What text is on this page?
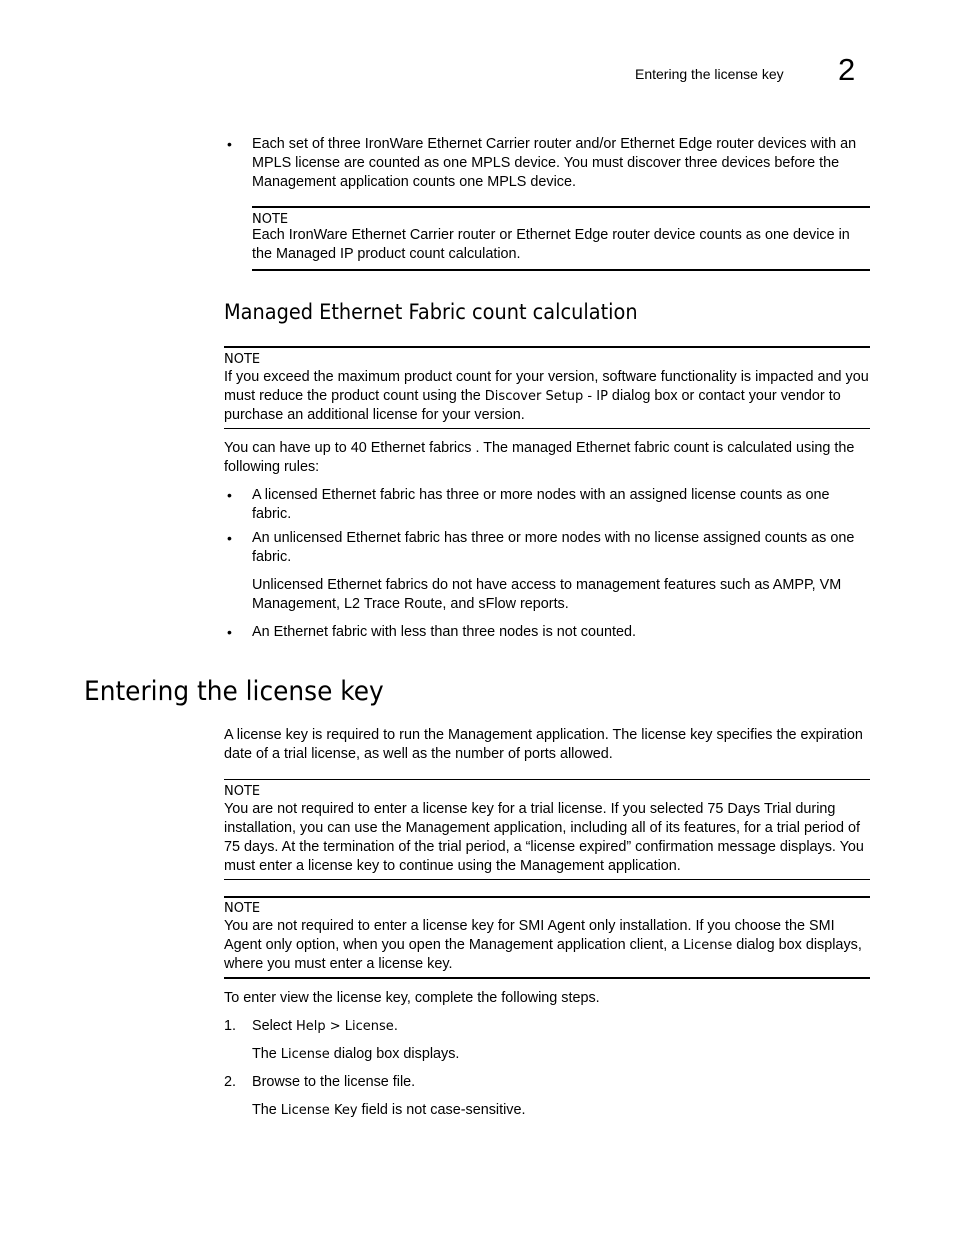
Entering the license key 2
• Each set of three IronWare Ethernet Carrier router and/or Ethernet Edge router devices with an MPLS license are counted as one MPLS device. You must discover three devices before the Management application counts one MPLS device.

NOTE

Each IronWare Ethernet Carrier router or Ethernet Edge router device counts as one device in the Managed IP product count calculation.

Managed Ethernet Fabric count calculation
NOTE

If you exceed the maximum product count for your version, software functionality is impacted and you must reduce the product count using the Discover Setup - IP dialog box or contact your vendor to purchase an additional license for your version.

You can have up to 40 Ethernet fabrics . The managed Ethernet fabric count is calculated using the following rules:

• A licensed Ethernet fabric has three or more nodes with an assigned license counts as one fabric.

• An unlicensed Ethernet fabric has three or more nodes with no license assigned counts as one fabric.

Unlicensed Ethernet fabrics do not have access to management features such as AMPP, VM Management, L2 Trace Route, and sFlow reports.

• An Ethernet fabric with less than three nodes is not counted.

Entering the license key

A license key is required to run the Management application. The license key specifies the expiration date of a trial license, as well as the number of ports allowed.

NOTE

You are not required to enter a license key for a trial license. If you selected 75 Days Trial during installation, you can use the Management application, including all of its features, for a trial period of 75 days. At the termination of the trial period, a “license expired” confirmation message displays. You must enter a license key to continue using the Management application.

NOTE

You are not required to enter a license key for SMI Agent only installation. If you choose the SMI Agent only option, when you open the Management application client, a License dialog box displays, where you must enter a license key.

To enter view the license key, complete the following steps.

1. Select Help > License.

The License dialog box displays.

2. Browse to the license file.

The License Key field is not case-sensitive.
